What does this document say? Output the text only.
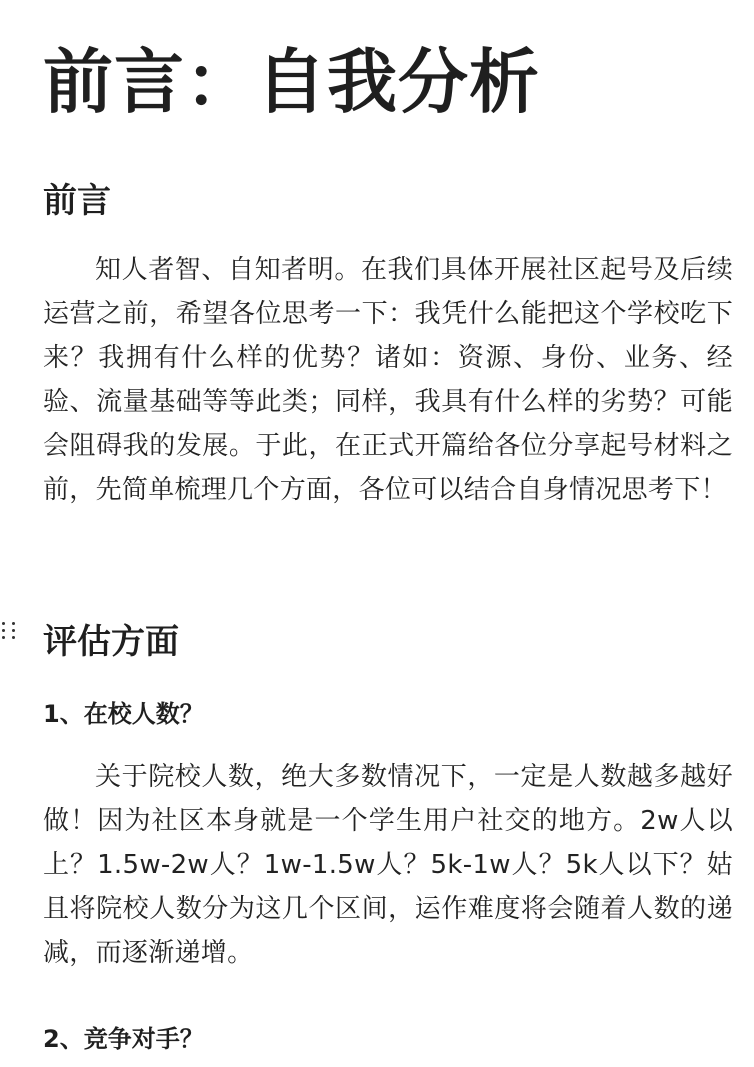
前言：自我分析
前言

知人者智、自知者明。在我们具体开展社区起号及后续运营之前，希望各位思考一下：我凭什么能把这个学校吃下来？我拥有什么样的优势？诸如：资源、身份、业务、经验、流量基础等等此类；同样，我具有什么样的劣势？可能会阻碍我的发展。于此，在正式开篇给各位分享起号材料之前，先简单梳理几个方面，各位可以结合自身情况思考下！

评估方面
1、在校人数？

关于院校人数，绝大多数情况下，一定是人数越多越好做！因为社区本身就是一个学生用户社交的地方。2w人以上？1.5w-2w人？1w-1.5w人？5k-1w人？5k人以下？姑且将院校人数分为这几个区间，运作难度将会随着人数的递减，而逐渐递增。

2、竞争对手？
